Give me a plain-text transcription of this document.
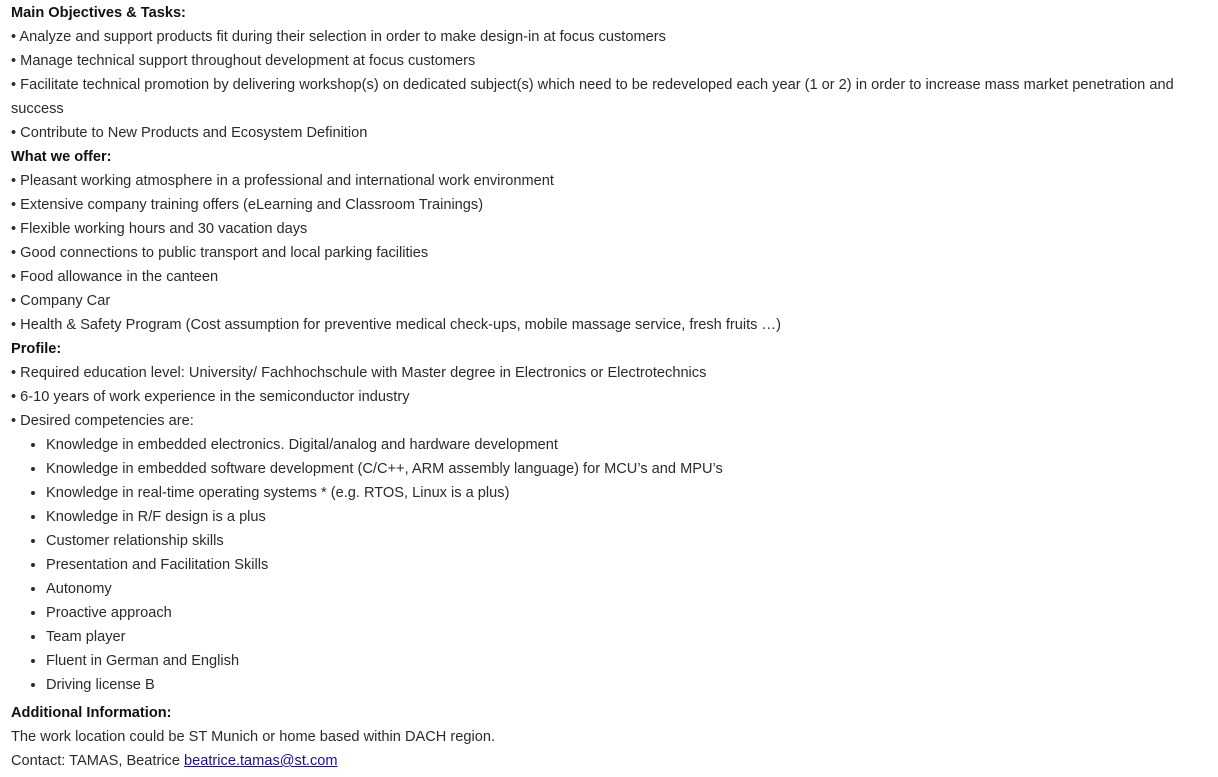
Main Objectives & Tasks:
• Analyze and support products fit during their selection in order to make design-in at focus customers
• Manage technical support throughout development at focus customers
• Facilitate technical promotion by delivering workshop(s) on dedicated subject(s) which need to be redeveloped each year (1 or 2) in order to increase mass market penetration and success
• Contribute to New Products and Ecosystem Definition
What we offer:
• Pleasant working atmosphere in a professional and international work environment
• Extensive company training offers (eLearning and Classroom Trainings)
• Flexible working hours and 30 vacation days
• Good connections to public transport and local parking facilities
• Food allowance in the canteen
• Company Car
• Health & Safety Program (Cost assumption for preventive medical check-ups, mobile massage service, fresh fruits …)
Profile:
• Required education level: University/ Fachhochschule with Master degree in Electronics or Electrotechnics
• 6-10 years of work experience in the semiconductor industry
• Desired competencies are:
• Knowledge in embedded electronics. Digital/analog and hardware development
• Knowledge in embedded software development (C/C++, ARM assembly language) for MCU’s and MPU’s
• Knowledge in real-time operating systems * (e.g. RTOS, Linux is a plus)
• Knowledge in R/F design is a plus
• Customer relationship skills
• Presentation and Facilitation Skills
• Autonomy
• Proactive approach
• Team player
• Fluent in German and English
• Driving license B
Additional Information:
The work location could be ST Munich or home based within DACH region.
Contact: TAMAS, Beatrice beatrice.tamas@st.com
